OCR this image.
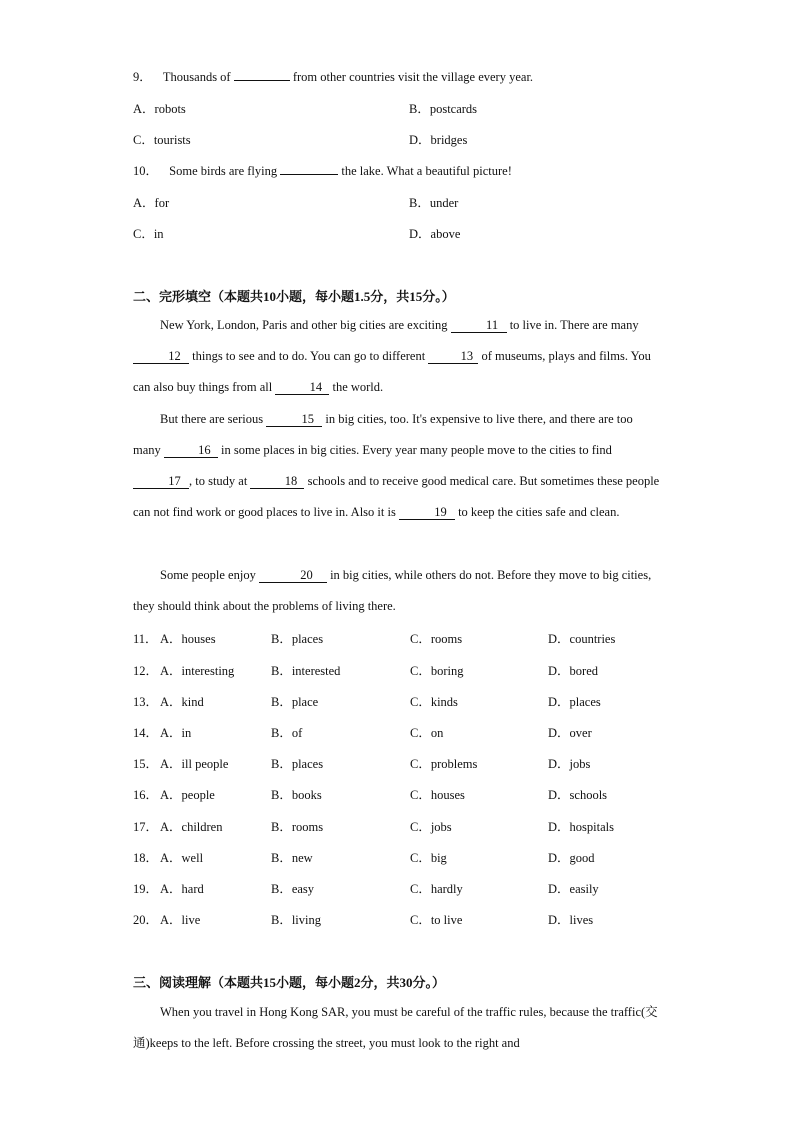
9． Thousands of	from other countries visit the village every year.
A．robots	B．postcards
C．tourists	D．bridges
10． Some birds are flying	the lake. What a beautiful picture!
A．for	B．under
C．in	D．above
二、完形填空（本题共10小题，每小题1.5分，共15分。）
New York, London, Paris and other big cities are exciting	11 to live in. There are many 12 things to see and to do. You can go to different	13 of museums, plays and films. You can also buy things from all	14 the world.
But there are serious	15 in big cities, too. It's expensive to live there, and there are too many	16 in some places in big cities. Every year many people move to the cities to find 17 , to study at	18 schools and to receive good medical care. But sometimes these people can not find work or good places to live in. Also it is	19 to keep the cities safe and clean.
Some people enjoy	20 in big cities, while others do not. Before they move to big cities, they should think about the problems of living there.
11． A．houses	B．places	C．rooms	D．countries
12． A．interesting	B．interested	C．boring	D．bored
13． A．kind	B．place	C．kinds	D．places
14． A．in	B．of	C．on	D．over
15． A．ill people	B．places	C．problems	D．jobs
16． A．people	B．books	C．houses	D．schools
17． A．children	B．rooms	C．jobs	D．hospitals
18． A．well	B．new	C．big	D．good
19． A．hard	B．easy	C．hardly	D．easily
20． A．live	B．living	C．to live	D．lives
三、阅读理解（本题共15小题，每小题2分，共30分。）
When you travel in Hong Kong SAR, you must be careful of the traffic rules, because the traffic(交通)keeps to the left. Before crossing the street, you must look to the right and
